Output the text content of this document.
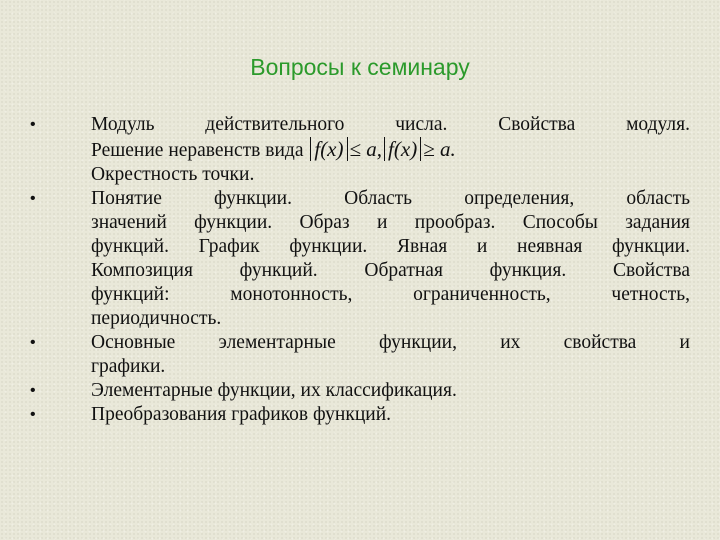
Вопросы к семинару
• Модуль действительного числа. Свойства модуля.
Решение неравенств вида f(x) ≤ a, f(x) ≥ a.
Окрестность точки.
• Понятие функции. Область определения, область
значений функции. Образ и прообраз. Способы задания
функций. График функции. Явная и неявная функции.
Композиция функций. Обратная функция. Свойства
функций: монотонность, ограниченность, четность,
периодичность.
• Основные элементарные функции, их свойства и
графики.
• Элементарные функции, их классификация.
• Преобразования графиков функций.
